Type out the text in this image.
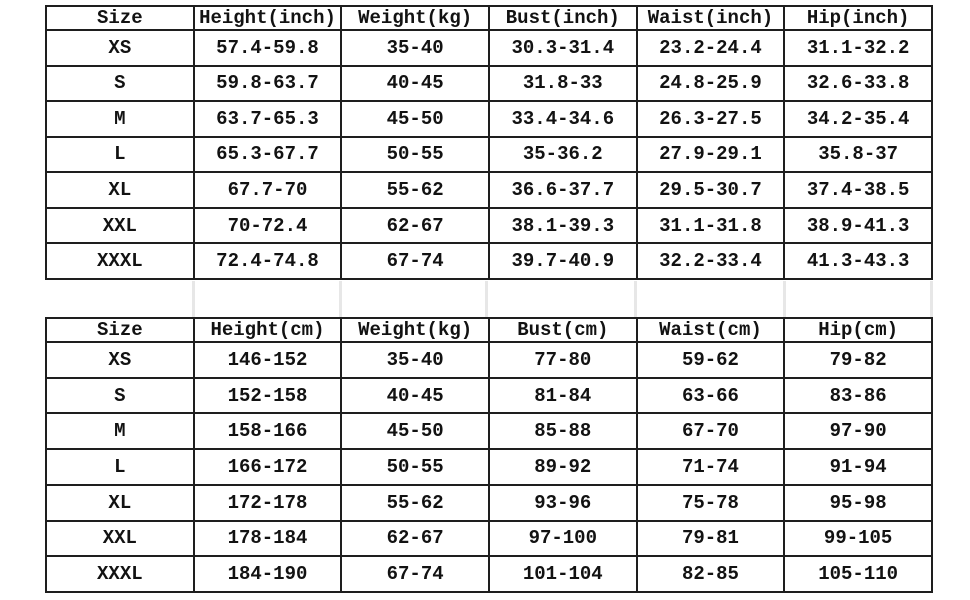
Size	Height(inch)	Weight(kg)	Bust(inch)	Waist(inch)	Hip(inch)
XS	57.4-59.8	35-40	30.3-31.4	23.2-24.4	31.1-32.2
S	59.8-63.7	40-45	31.8-33	24.8-25.9	32.6-33.8
M	63.7-65.3	45-50	33.4-34.6	26.3-27.5	34.2-35.4
L	65.3-67.7	50-55	35-36.2	27.9-29.1	35.8-37
XL	67.7-70	55-62	36.6-37.7	29.5-30.7	37.4-38.5
XXL	70-72.4	62-67	38.1-39.3	31.1-31.8	38.9-41.3
XXXL	72.4-74.8	67-74	39.7-40.9	32.2-33.4	41.3-43.3
Size	Height(cm)	Weight(kg)	Bust(cm)	Waist(cm)	Hip(cm)
XS	146-152	35-40	77-80	59-62	79-82
S	152-158	40-45	81-84	63-66	83-86
M	158-166	45-50	85-88	67-70	97-90
L	166-172	50-55	89-92	71-74	91-94
XL	172-178	55-62	93-96	75-78	95-98
XXL	178-184	62-67	97-100	79-81	99-105
XXXL	184-190	67-74	101-104	82-85	105-110
